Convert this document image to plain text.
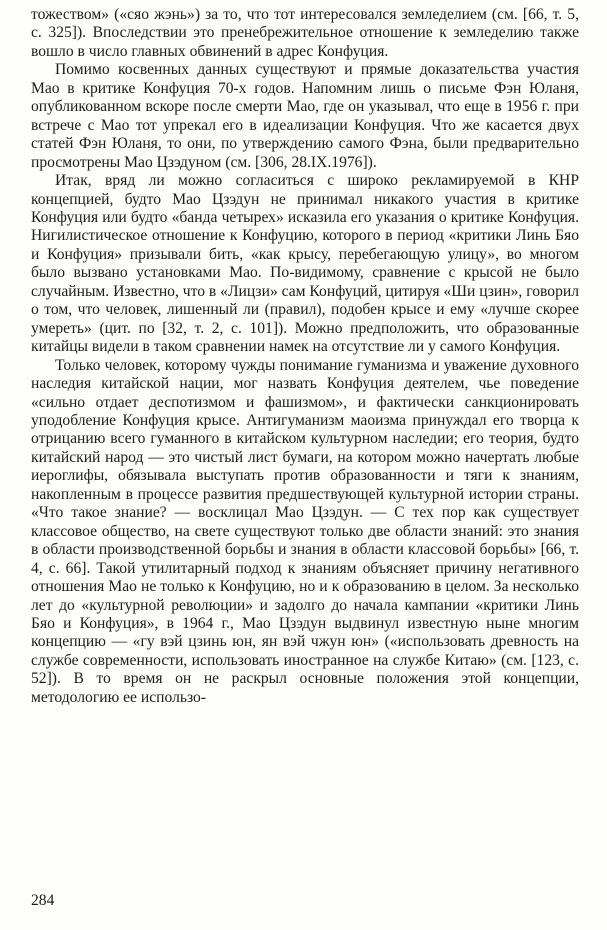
тожеством» («сяо жэнь») за то, что тот интересовался земледелием (см. [66, т. 5, с. 325]). Впоследствии это пренебрежительное отношение к земледелию также вошло в число главных обвинений в адрес Конфуция.

Помимо косвенных данных существуют и прямые доказательства участия Мао в критике Конфуция 70-х годов. Напомним лишь о письме Фэн Юланя, опубликованном вскоре после смерти Мао, где он указывал, что еще в 1956 г. при встрече с Мао тот упрекал его в идеализации Конфуция. Что же касается двух статей Фэн Юланя, то они, по утверждению самого Фэна, были предварительно просмотрены Мао Цзэдуном (см. [306, 28.IX.1976]).

Итак, вряд ли можно согласиться с широко рекламируемой в КНР концепцией, будто Мао Цзэдун не принимал никакого участия в критике Конфуция или будто «банда четырех» исказила его указания о критике Конфуция. Нигилистическое отношение к Конфуцию, которого в период «критики Линь Бяо и Конфуция» призывали бить, «как крысу, перебегающую улицу», во многом было вызвано установками Мао. По-видимому, сравнение с крысой не было случайным. Известно, что в «Лицзи» сам Конфуций, цитируя «Ши цзин», говорил о том, что человек, лишенный ли (правил), подобен крысе и ему «лучше скорее умереть» (цит. по [32, т. 2, с. 101]). Можно предположить, что образованные китайцы видели в таком сравнении намек на отсутствие ли у самого Конфуция.

Только человек, которому чужды понимание гуманизма и уважение духовного наследия китайской нации, мог назвать Конфуция деятелем, чье поведение «сильно отдает деспотизмом и фашизмом», и фактически санкционировать уподобление Конфуция крысе. Антигуманизм маоизма принуждал его творца к отрицанию всего гуманного в китайском культурном наследии; его теория, будто китайский народ — это чистый лист бумаги, на котором можно начертать любые иероглифы, обязывала выступать против образованности и тяги к знаниям, накопленным в процессе развития предшествующей культурной истории страны. «Что такое знание? — восклицал Мао Цзэдун. — С тех пор как существует классовое общество, на свете существуют только две области знаний: это знания в области производственной борьбы и знания в области классовой борьбы» [66, т. 4, с. 66]. Такой утилитарный подход к знаниям объясняет причину негативного отношения Мао не только к Конфуцию, но и к образованию в целом. За несколько лет до «культурной революции» и задолго до начала кампании «критики Линь Бяо и Конфуция», в 1964 г., Мао Цзэдун выдвинул известную ныне многим концепцию — «гу вэй цзинь юн, ян вэй чжун юн» («использовать древность на службе современности, использовать иностранное на службе Китаю» (см. [123, с. 52]). В то время он не раскрыл основные положения этой концепции, методологию ее использо-

284
